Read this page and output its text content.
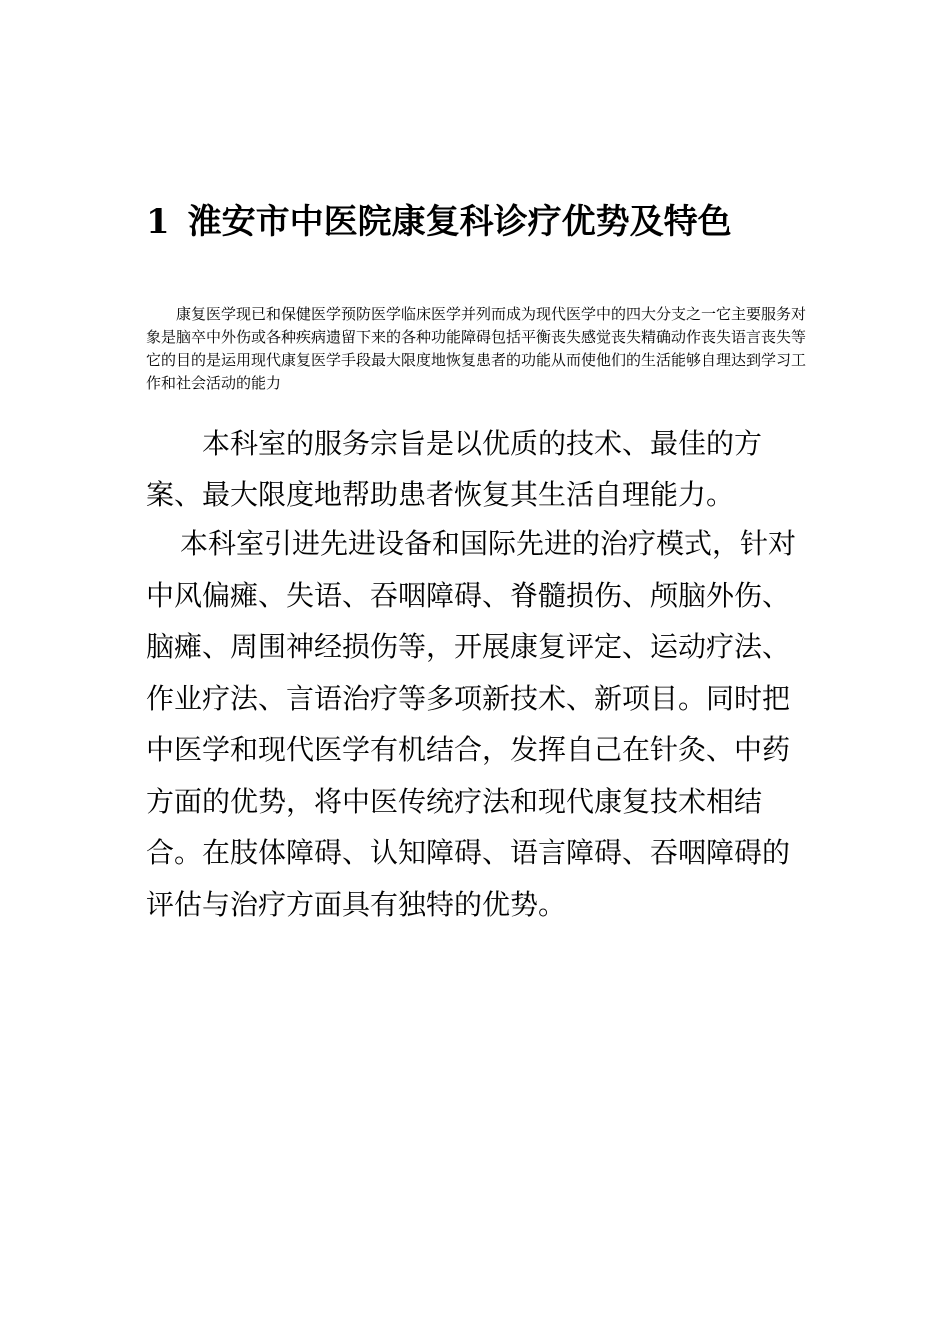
1 淮安市中医院康复科诊疗优势及特色

康复医学现已和保健医学预防医学临床医学并列而成为现代医学中的四大分支之一它主要服务对象是脑卒中外伤或各种疾病遗留下来的各种功能障碍包括平衡丧失感觉丧失精确动作丧失语言丧失等它的目的是运用现代康复医学手段最大限度地恢复患者的功能从而使他们的生活能够自理达到学习工作和社会活动的能力

本科室的服务宗旨是以优质的技术、最佳的方案、最大限度地帮助患者恢复其生活自理能力。

本科室引进先进设备和国际先进的治疗模式，针对中风偏瘫、失语、吞咽障碍、脊髓损伤、颅脑外伤、脑瘫、周围神经损伤等，开展康复评定、运动疗法、作业疗法、言语治疗等多项新技术、新项目。同时把中医学和现代医学有机结合，发挥自己在针灸、中药方面的优势，将中医传统疗法和现代康复技术相结合。在肢体障碍、认知障碍、语言障碍、吞咽障碍的评估与治疗方面具有独特的优势。
